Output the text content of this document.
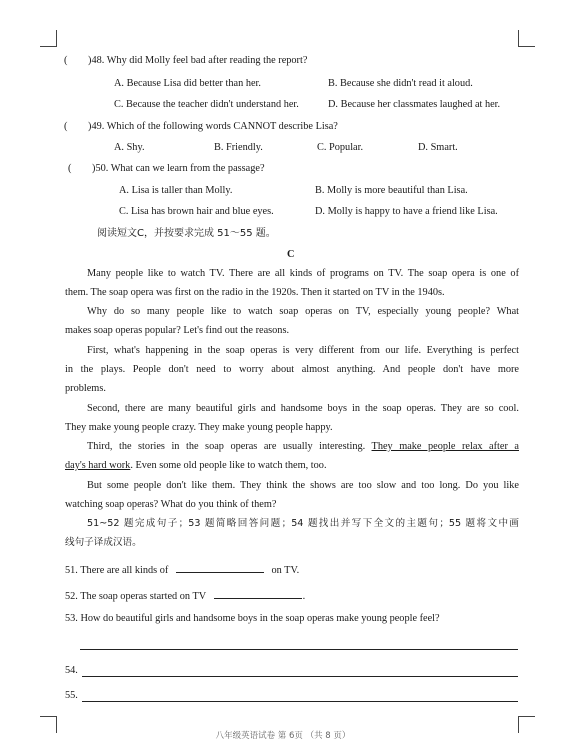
(　　)48. Why did Molly feel bad after reading the report?
A. Because Lisa did better than her.	B. Because she didn't read it aloud.
C. Because the teacher didn't understand her.	D. Because her classmates laughed at her.
(　　)49. Which of the following words CANNOT describe Lisa?
A. Shy.	B. Friendly.	C. Popular.	D. Smart.
(　　)50. What can we learn from the passage?
A. Lisa is taller than Molly.	B. Molly is more beautiful than Lisa.
C. Lisa has brown hair and blue eyes.	D. Molly is happy to have a friend like Lisa.
阅读短文C，并按要求完成 51～55 题。
C
Many people like to watch TV. There are all kinds of programs on TV. The soap opera is one of
them. The soap opera was first on the radio in the 1920s. Then it started on TV in the 1940s.
Why do so many people like to watch soap operas on TV, especially young people? What
makes soap operas popular? Let's find out the reasons.
First, what's happening in the soap operas is very different from our life. Everything is perfect
in the plays. People don't need to worry about almost anything. And people don't have more
problems.
Second, there are many beautiful girls and handsome boys in the soap operas. They are so cool.
They make young people crazy. They make young people happy.
Third, the stories in the soap operas are usually interesting. They make people relax after a
day's hard work. Even some old people like to watch them, too.
But some people don't like them. They think the shows are too slow and too long. Do you like
watching soap operas? What do you think of them?
51~52 题完成句子；53 题简略回答问题；54 题找出并写下全文的主题句；55 题将文中画
线句子译成汉语。
51. There are all kinds of	on TV.
52. The soap operas started on TV	.
53. How do beautiful girls and handsome boys in the soap operas make young people feel?
54.
55.
八年级英语试卷 第 6页 （共 8 页）
